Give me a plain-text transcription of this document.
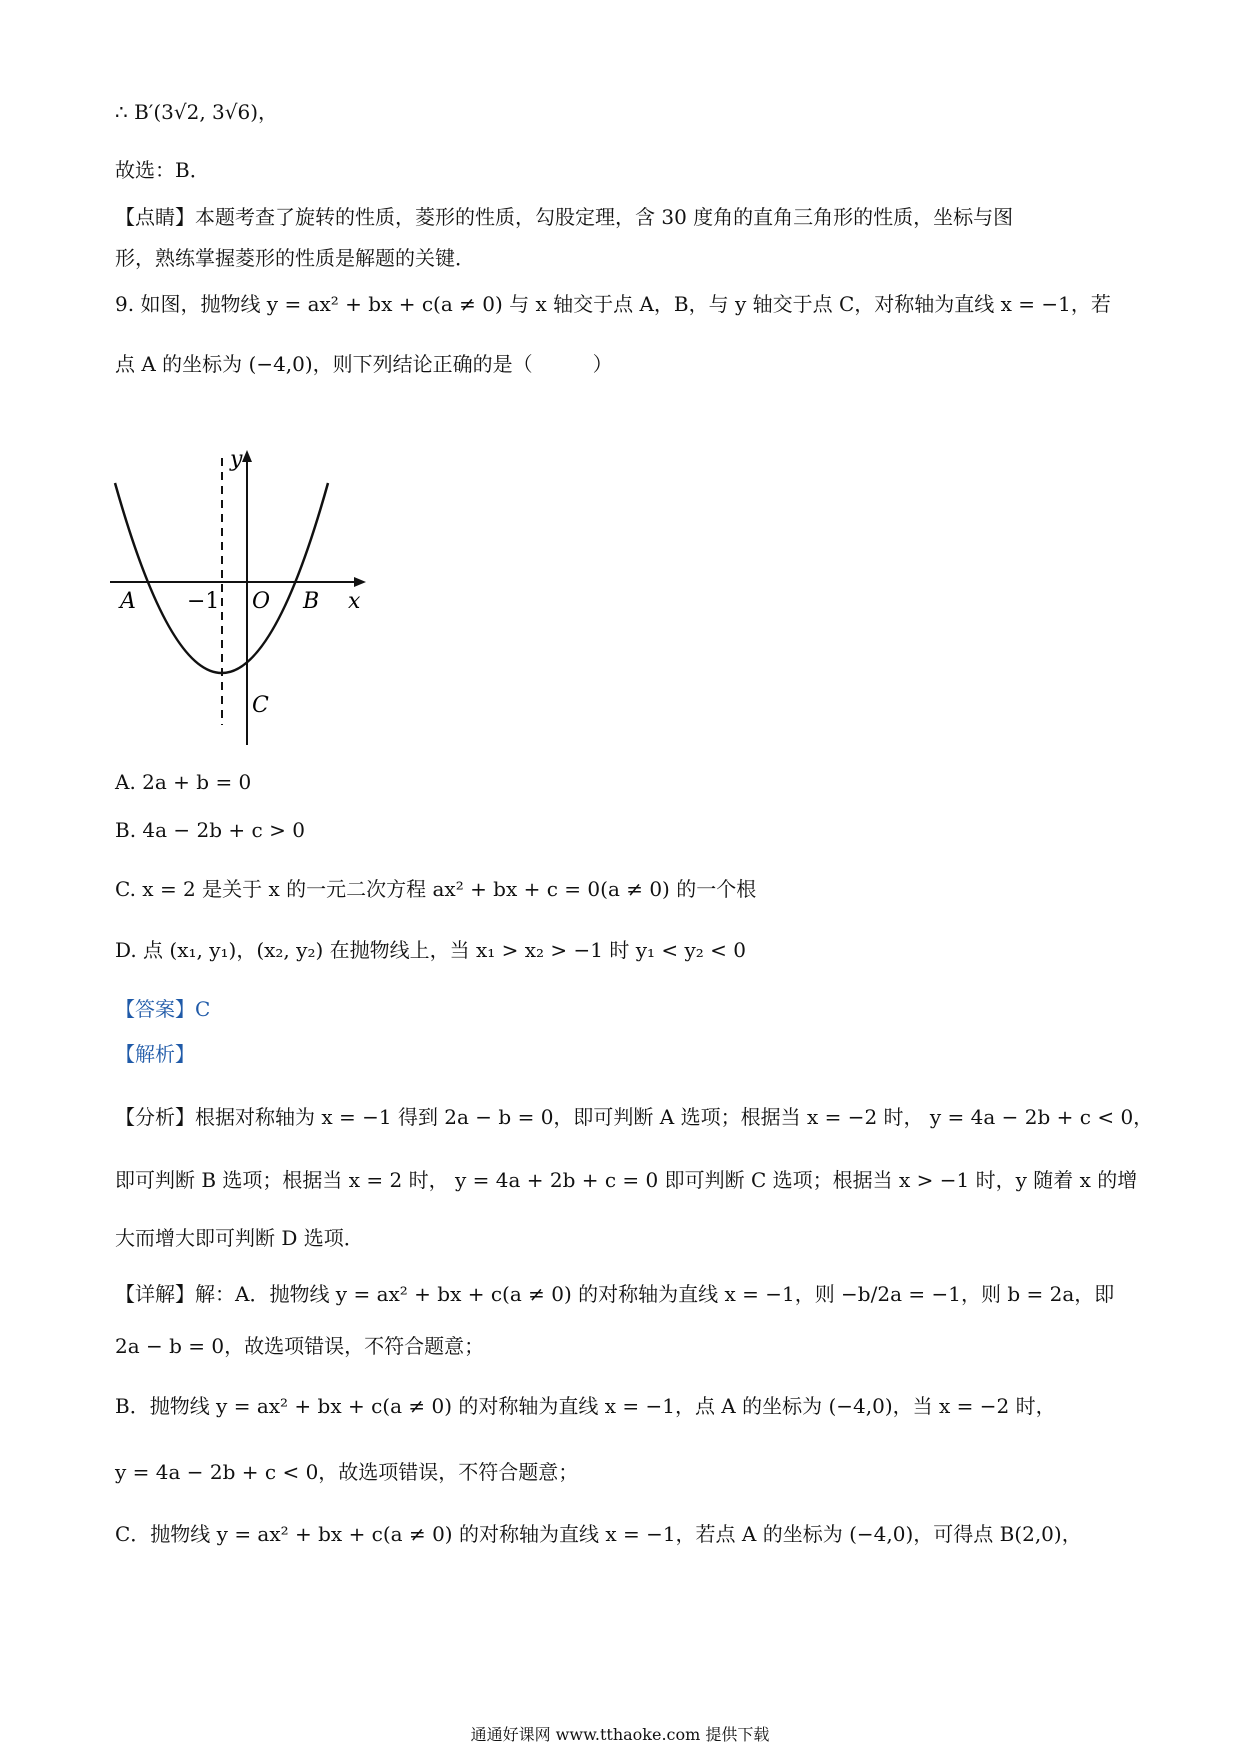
∴ B′(3√2, 3√6)，
故选：B．
【点睛】本题考查了旋转的性质，菱形的性质，勾股定理，含 30 度角的直角三角形的性质，坐标与图
形，熟练掌握菱形的性质是解题的关键．
9. 如图，抛物线 y = ax² + bx + c(a ≠ 0) 与 x 轴交于点 A，B，与 y 轴交于点 C，对称轴为直线 x = −1，若
点 A 的坐标为 (−4,0)，则下列结论正确的是（　　　）
y
x
A −1 O B
C
A. 2a + b = 0
B. 4a − 2b + c > 0
C. x = 2 是关于 x 的一元二次方程 ax² + bx + c = 0(a ≠ 0) 的一个根
D. 点 (x₁, y₁)，(x₂, y₂) 在抛物线上，当 x₁ > x₂ > −1 时 y₁ < y₂ < 0
【答案】C
【解析】
【分析】根据对称轴为 x = −1 得到 2a − b = 0，即可判断 A 选项；根据当 x = −2 时， y = 4a − 2b + c < 0，
即可判断 B 选项；根据当 x = 2 时， y = 4a + 2b + c = 0 即可判断 C 选项；根据当 x > −1 时，y 随着 x 的增
大而增大即可判断 D 选项．
【详解】解：A．抛物线 y = ax² + bx + c(a ≠ 0) 的对称轴为直线 x = −1，则 −b/2a = −1，则 b = 2a，即
2a − b = 0，故选项错误，不符合题意；
B．抛物线 y = ax² + bx + c(a ≠ 0) 的对称轴为直线 x = −1，点 A 的坐标为 (−4,0)，当 x = −2 时，
y = 4a − 2b + c < 0，故选项错误，不符合题意；
C．抛物线 y = ax² + bx + c(a ≠ 0) 的对称轴为直线 x = −1，若点 A 的坐标为 (−4,0)，可得点 B(2,0)，
通通好课网 www.tthaoke.com 提供下载
